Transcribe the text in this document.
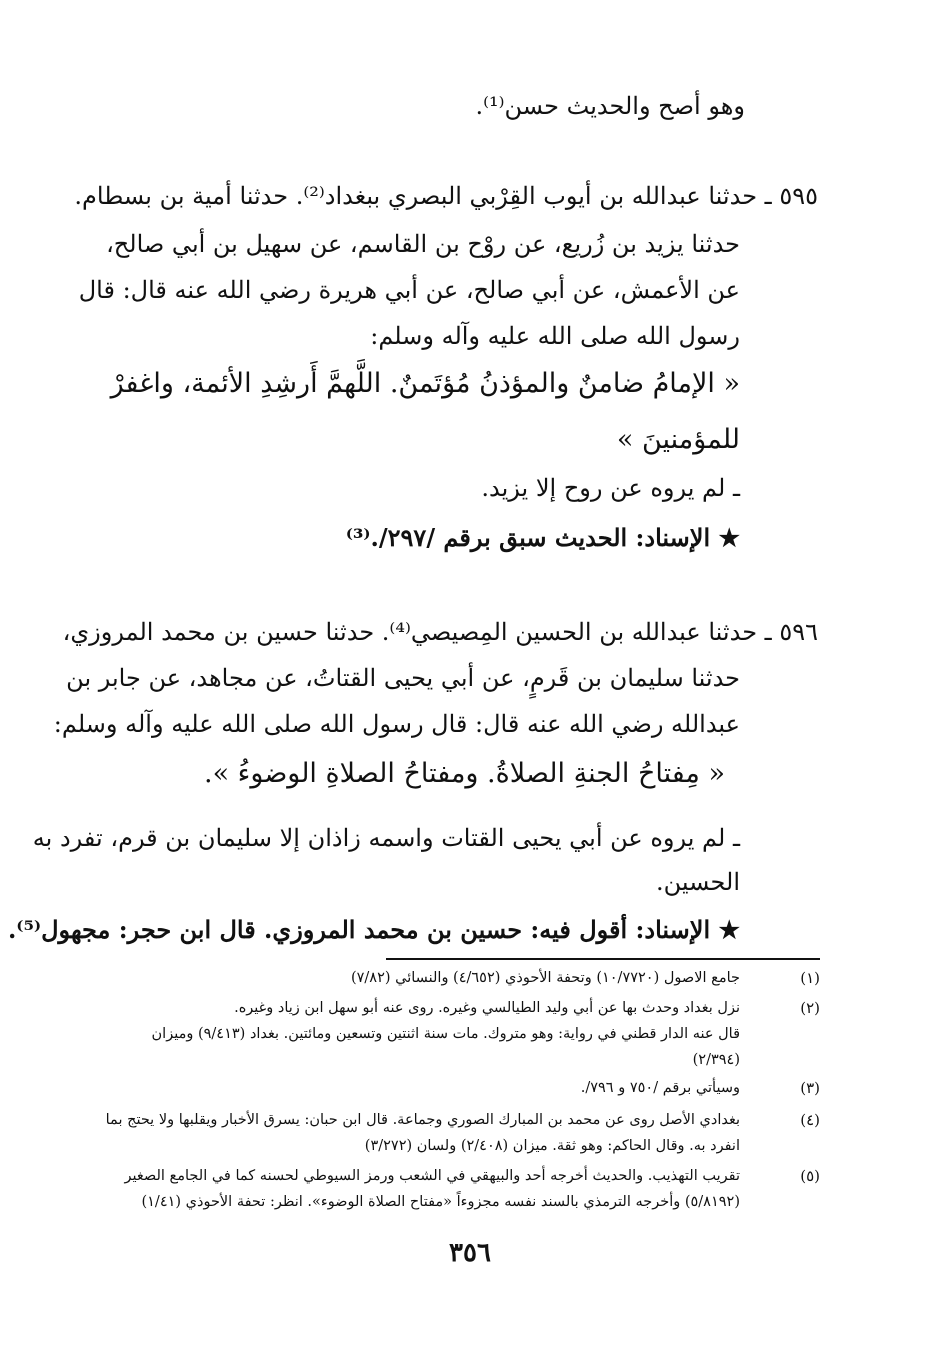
وهو أصح والحديث حسن⁽¹⁾.
٥٩٥ ـ حدثنا عبدالله بن أيوب القِرْبي البصري ببغداد⁽²⁾. حدثنا أمية بن بسطام.
حدثنا يزيد بن زُريع، عن روْح بن القاسم، عن سهيل بن أبي صالح،
عن الأعمش، عن أبي صالح، عن أبي هريرة رضي الله عنه قال: قال
رسول الله صلى الله عليه وآله وسلم:
« الإمامُ ضامنٌ والمؤذنُ مُؤتَمنٌ. اللَّهمَّ أَرشِدِ الأئمة، واغفرْ
للمؤمنينَ »
ـ لم يروه عن روح إلا يزيد.
★ الإسناد: الحديث سبق برقم /٢٩٧/.⁽³⁾
٥٩٦ ـ حدثنا عبدالله بن الحسين المِصيصي⁽⁴⁾. حدثنا حسين بن محمد المروزي،
حدثنا سليمان بن قَرمٍ، عن أبي يحيى القتاتُ، عن مجاهد، عن جابر بن
عبدالله رضي الله عنه قال: قال رسول الله صلى الله عليه وآله وسلم:
« مِفتاحُ الجنةِ الصلاةُ. ومفتاحُ الصلاةِ الوضوءُ ».
ـ لم يروه عن أبي يحيى القتات واسمه زاذان إلا سليمان بن قرم، تفرد به
الحسين.
★ الإسناد: أقول فيه: حسين بن محمد المروزي. قال ابن حجر: مجهول⁽⁵⁾.
(١)
جامع الاصول (١٠/٧٧٢٠) وتحفة الأحوذي (٤/٦٥٢) والنسائي (٧/٨٢)
(٢)
نزل بغداد وحدث بها عن أبي وليد الطيالسي وغيره. روى عنه أبو سهل ابن زياد وغيره.
قال عنه الدار قطني في رواية: وهو متروك. مات سنة اثنتين وتسعين ومائتين. بغداد (٩/٤١٣) وميزان
(٢/٣٩٤)
(٣)
وسيأتي برقم /٧٥٠ و ٧٩٦/.
(٤)
بغدادي الأصل روى عن محمد بن المبارك الصوري وجماعة. قال ابن حبان: يسرق الأخبار ويقلبها ولا يحتج بما
انفرد به. وقال الحاكم: وهو ثقة. ميزان (٢/٤٠٨) ولسان (٣/٢٧٢)
(٥)
تقريب التهذيب. والحديث أخرجه أحد والبيهقي في الشعب ورمز السيوطي لحسنه كما في الجامع الصغير
(٥/٨١٩٢) وأخرجه الترمذي بالسند نفسه مجزوءاً «مفتاح الصلاة الوضوء». انظر: تحفة الأحوذي (١/٤١)
٣٥٦
